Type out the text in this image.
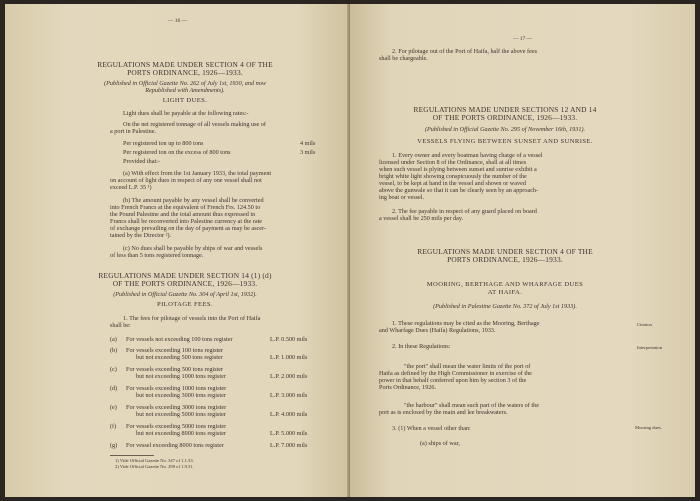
— 16 —
REGULATIONS MADE UNDER SECTION 4 OF THE
PORTS ORDINANCE, 1926—1933.
(Published in Official Gazette No. 262 of July 1st, 1930, and now
Republished with Amendments).
LIGHT DUES.
Light dues shall be payable at the following rates:-
On the net registered tonnage of all vessels making use of
a port in Palestine.
Per registered ton up to 800 tons	4 mils
Per registered ton on the excess of 800 tons	3 mils
Provided that:-
(a) With effect from the 1st January 1933, the total payment
on account of light dues in respect of any one vessel shall not
exceed L.P. 35 ¹)
(b) The amount payable by any vessel shall be converted
into French Francs at the equivalent of French Frs. 124.50 to
the Pound Palestine and the total amount thus expressed in
Francs shall be reconverted into Palestine currency at the rate
of exchange prevailing on the day of payment as may be ascer-
tained by the Director ²).
(c) No dues shall be payable by ships of war and vessels
of less than 5 tons registered tonnage.
REGULATIONS MADE UNDER SECTION 14 (1) (d)
OF THE PORTS ORDINANCE, 1926—1933.
(Published in Official Gazette No. 304 of April 1st, 1932).
PILOTAGE FEES.
1. The fees for pilotage of vessels into the Port of Haifa
shall be:
(a) For vessels not exceeding 100 tons register	L.P. 0.500 mils
(b) For vessels exceeding 100 tons register
but not exceeding 500 tons register	L.P. 1.000 mils
(c) For vessels exceeding 500 tons register
but not exceeding 1000 tons register	L.P. 2.000 mils
(d) For vessels exceeding 1000 tons register
but not exceeding 3000 tons register	L.P. 3.000 mils
(e) For vessels exceeding 3000 tons register
but not exceeding 5000 tons register	L.P. 4.000 mils
(f) For vessels exceeding 5000 tons register
but not exceeding 8000 tons register	L.P. 5.000 mils
(g) For vessel exceeding 8000 tons register	L.P. 7.000 mils
1) Vide Official Gazette No. 347 of 1.1.33.
2) Vide Official Gazette No. 290 of 1.9.31.
— 17 —
2. For pilotage out of the Port of Haifa, half the above fees
shall be chargeable.
REGULATIONS MADE UNDER SECTIONS 12 AND 14
OF THE PORTS ORDINANCE, 1926—1933.
(Published in Official Gazette No. 295 of November 16th, 1931).
VESSELS FLYING BETWEEN SUNSET AND SUNRISE.
1. Every owner and every boatman having charge of a vessel
licensed under Section 8 of the Ordinance, shall at all times
when such vessel is plying between sunset and sunrise exhibit a
bright white light showing conspicuously the number of the
vessel, to be kept at hand in the vessel and shown or waved
above the gunwale so that it can be clearly seen by an approach-
ing boat or vessel.
2. The fee payable in respect of any guard placed on board
a vessel shall be 250 mils per day.
REGULATIONS MADE UNDER SECTION 4 OF THE
PORTS ORDINANCE, 1926—1933.
MOORING, BERTHAGE AND WHARFAGE DUES
AT HAIFA.
(Published in Palestine Gazette No. 372 of July 1st 1933).
1. These regulations may be cited as the Mooring, Berthage
and Wharfage Dues (Haifa) Regulations, 1933.
Citation
2. In these Regulations:	Interpretation
"the port" shall mean the water limits of the port of
Haifa as defined by the High Commissioner in exercise of the
power in that behalf conferred upon him by section 3 of the
Ports Ordinance, 1926.
"the harbour" shall mean such part of the waters of the
port as is enclosed by the main and lee breakwaters.
3. (1) When a vessel other than:	Mooring dues.
(a) ships of war,
